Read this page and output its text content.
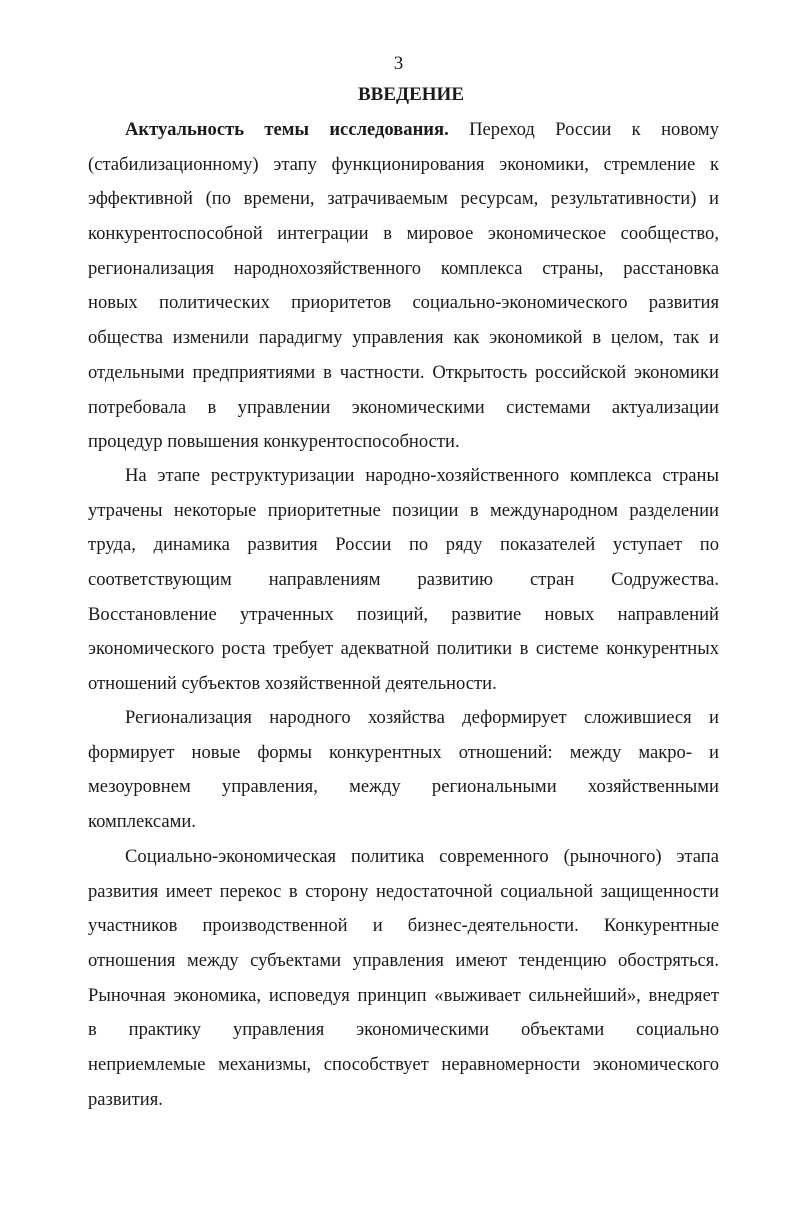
3
ВВЕДЕНИЕ
Актуальность темы исследования. Переход России к новому
(стабилизационному) этапу функционирования экономики, стремление к
эффективной (по времени, затрачиваемым ресурсам, результативности) и
конкурентоспособной интеграции в мировое экономическое сообщество,
регионализация народнохозяйственного комплекса страны, расстановка
новых политических приоритетов социально-экономического развития
общества изменили парадигму управления как экономикой в целом, так и
отдельными предприятиями в частности. Открытость российской экономики
потребовала в управлении экономическими системами актуализации
процедур повышения конкурентоспособности.
На этапе реструктуризации народно-хозяйственного комплекса страны
утрачены некоторые приоритетные позиции в международном разделении
труда, динамика развития России по ряду показателей уступает по
соответствующим направлениям развитию стран Содружества.
Восстановление утраченных позиций, развитие новых направлений
экономического роста требует адекватной политики в системе конкурентных
отношений субъектов хозяйственной деятельности.
Регионализация народного хозяйства деформирует сложившиеся и
формирует новые формы конкурентных отношений: между макро- и
мезоуровнем управления, между региональными хозяйственными
комплексами.
Социально-экономическая политика современного (рыночного) этапа
развития имеет перекос в сторону недостаточной социальной защищенности
участников производственной и бизнес-деятельности. Конкурентные
отношения между субъектами управления имеют тенденцию обостряться.
Рыночная экономика, исповедуя принцип «выживает сильнейший», внедряет
в практику управления экономическими объектами социально
неприемлемые механизмы, способствует неравномерности экономического
развития.
